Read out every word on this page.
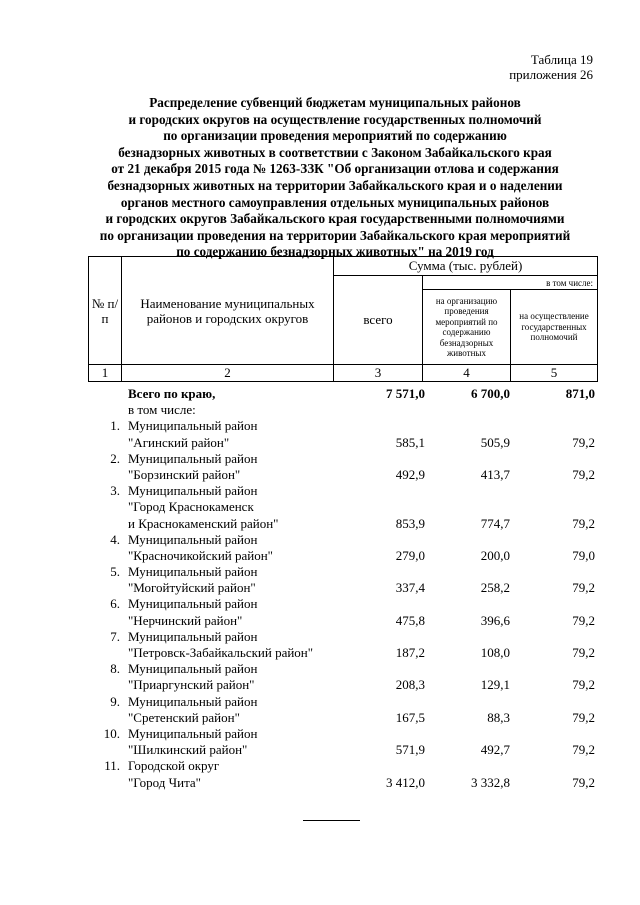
Таблица 19
приложения 26
Распределение субвенций бюджетам муниципальных районов
и городских округов на осуществление государственных полномочий
по организации проведения мероприятий по содержанию
безнадзорных животных в соответствии с Законом Забайкальского края
от 21 декабря 2015 года № 1263-ЗЗК "Об организации отлова и содержания
безнадзорных животных на территории Забайкальского края и о наделении
органов местного самоуправления отдельных муниципальных районов
и городских округов Забайкальского края государственными полномочиями
по организации проведения на территории Забайкальского края мероприятий
по содержанию безнадзорных животных" на 2019 год
№ п/п	Наименование муниципальных районов и городских округов	Сумма (тыс. рублей)		
		всего	в том числе:	
			на организацию проведения мероприятий по содержанию безнадзорных животных	на осуществление государственных полномочий
1	2	3	4	5
Всего по краю,	7 571,0	6 700,0	871,0
в том числе:
1. Муниципальный район
"Агинский район"	585,1	505,9	79,2
2. Муниципальный район
"Борзинский район"	492,9	413,7	79,2
3. Муниципальный район
"Город Краснокаменск
и Краснокаменский район"	853,9	774,7	79,2
4. Муниципальный район
"Красночикойский район"	279,0	200,0	79,0
5. Муниципальный район
"Могойтуйский район"	337,4	258,2	79,2
6. Муниципальный район
"Нерчинский район"	475,8	396,6	79,2
7. Муниципальный район
"Петровск-Забайкальский район"	187,2	108,0	79,2
8. Муниципальный район
"Приаргунский район"	208,3	129,1	79,2
9. Муниципальный район
"Сретенский район"	167,5	88,3	79,2
10. Муниципальный район
"Шилкинский район"	571,9	492,7	79,2
11. Городской округ
"Город Чита"	3 412,0	3 332,8	79,2
